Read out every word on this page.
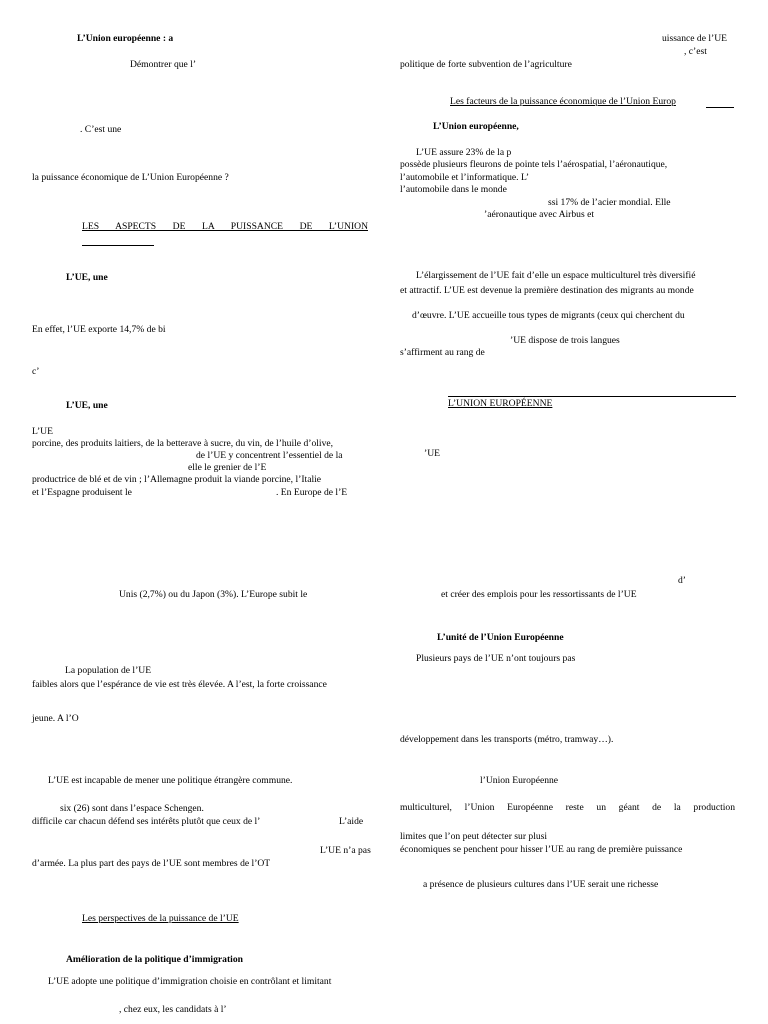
L’Union européenne : a
Démontrer que l’
. C’est une
la puissance économique de L’Union Européenne ?
LES ASPECTS DE LA PUISSANCE DE L’UNION
L’UE, une
En effet, l’UE exporte 14,7% de bi
c’
L’UE, une
L’UE
porcine, des produits laitiers, de la betterave à sucre, du vin, de l’huile d’olive,
de l’UE y concentrent l’essentiel de la
elle le grenier de l’E
productrice de blé et de vin ; l’Allemagne produit la viande porcine, l’Italie
et l’Espagne produisent le	. En Europe de l’E
Unis (2,7%) ou du Japon (3%). L’Europe subit le
La population de l’UE
faibles alors que l’espérance de vie est très élevée. A l’est, la forte croissance
jeune. A l’O
L’UE est incapable de mener une politique étrangère commune.
six (26) sont dans l’espace Schengen.
difficile car chacun défend ses intérêts plutôt que ceux de l’	L’aide
L’UE n’a pas
d’armée. La plus part des pays de l’UE sont membres de l’OT
Les perspectives de la puissance de l’UE
Amélioration de la politique d’immigration
L’UE adopte une politique d’immigration choisie en contrôlant et limitant
, chez eux, les candidats à l’
uissance de l’UE
, c’est
politique de forte subvention de l’agriculture
Les facteurs de la puissance économique de l’Union Europ
L’Union européenne,
L’UE assure 23% de la p
possède plusieurs fleurons de pointe tels l’aérospatial, l’aéronautique,
l’automobile et l’informatique. L’
l’automobile dans le monde
ssi 17% de l’acier mondial. Elle
’aéronautique avec Airbus et
L’élargissement de l’UE fait d’elle un espace multiculturel très diversifié
et attractif. L’UE est devenue la première destination des migrants au monde
d’œuvre. L’UE accueille tous types de migrants (ceux qui cherchent du
’UE dispose de trois langues
s’affirment au rang de
L’UNION EUROPÉENNE
’UE
d’
et créer des emplois pour les ressortissants de l’UE
L’unité de l’Union Européenne
Plusieurs pays de l’UE n’ont toujours pas
développement dans les transports (métro, tramway…).
l’Union Européenne
multiculturel, l’Union Européenne reste un géant de la production
limites que l’on peut détecter sur plusi
économiques se penchent pour hisser l’UE au rang de première puissance
a présence de plusieurs cultures dans l’UE serait une richesse
